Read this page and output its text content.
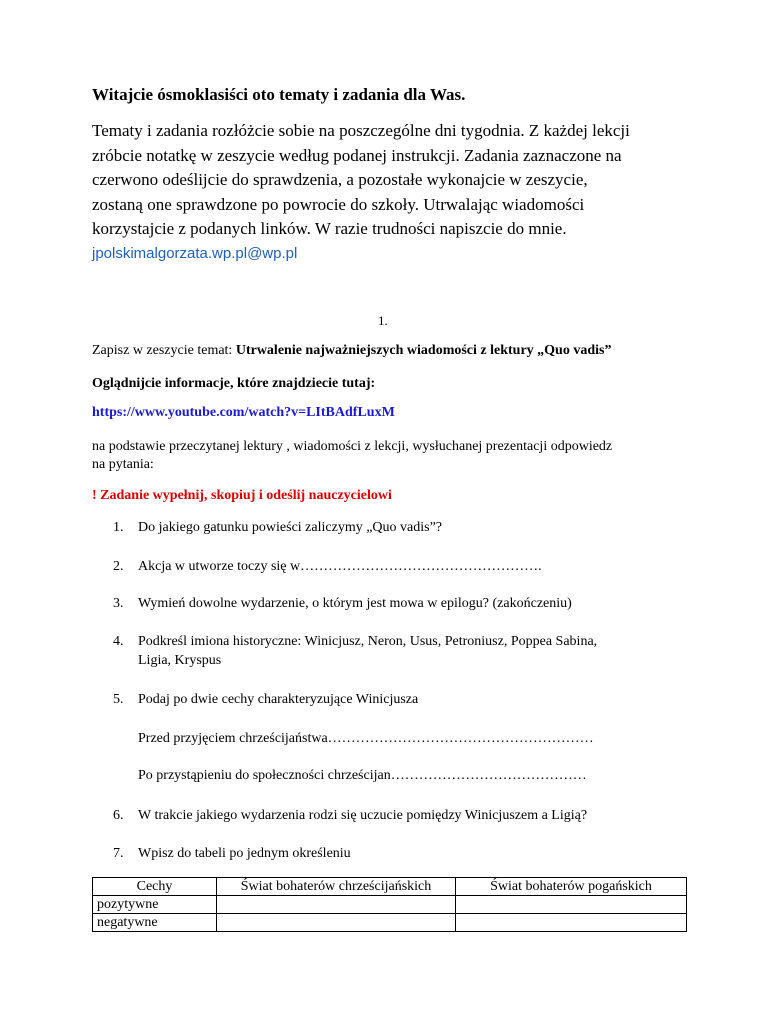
Witajcie ósmoklasiści oto tematy i zadania dla Was.
Tematy i zadania rozłóżcie sobie na poszczególne dni tygodnia. Z każdej lekcji
zróbcie notatkę w zeszycie według podanej instrukcji. Zadania zaznaczone na
czerwono odeślijcie do sprawdzenia, a pozostałe wykonajcie w zeszycie,
zostaną one sprawdzone po powrocie do szkoły. Utrwalając wiadomości
korzystajcie z podanych linków. W razie trudności napiszcie do mnie.
jpolskimalgorzata.wp.pl@wp.pl
1.
Zapisz w zeszycie temat: Utrwalenie najważniejszych wiadomości z lektury „Quo vadis”
Oglądnijcie informacje, które znajdziecie tutaj:
https://www.youtube.com/watch?v=LItBAdfLuxM
na podstawie przeczytanej lektury , wiadomości z lekcji, wysłuchanej prezentacji odpowiedz
na pytania:
! Zadanie wypełnij, skopiuj i odeślij nauczycielowi
1. Do jakiego gatunku powieści zaliczymy „Quo vadis”?
2. Akcja w utworze toczy się w…………………………………………….
3. Wymień dowolne wydarzenie, o którym jest mowa w epilogu? (zakończeniu)
4. Podkreśl imiona historyczne: Winicjusz, Neron, Usus, Petroniusz, Poppea Sabina,
Ligia, Kryspus
5. Podaj po dwie cechy charakteryzujące Winicjusza
Przed przyjęciem chrześcijaństwa…………………………………………………
Po przystąpieniu do społeczności chrześcijan……………………………………
6. W trakcie jakiego wydarzenia rodzi się uczucie pomiędzy Winicjuszem a Ligią?
7. Wpisz do tabeli po jednym określeniu
Cechy	Świat bohaterów chrześcijańskich	Świat bohaterów pogańskich
pozytywne		
negatywne		
